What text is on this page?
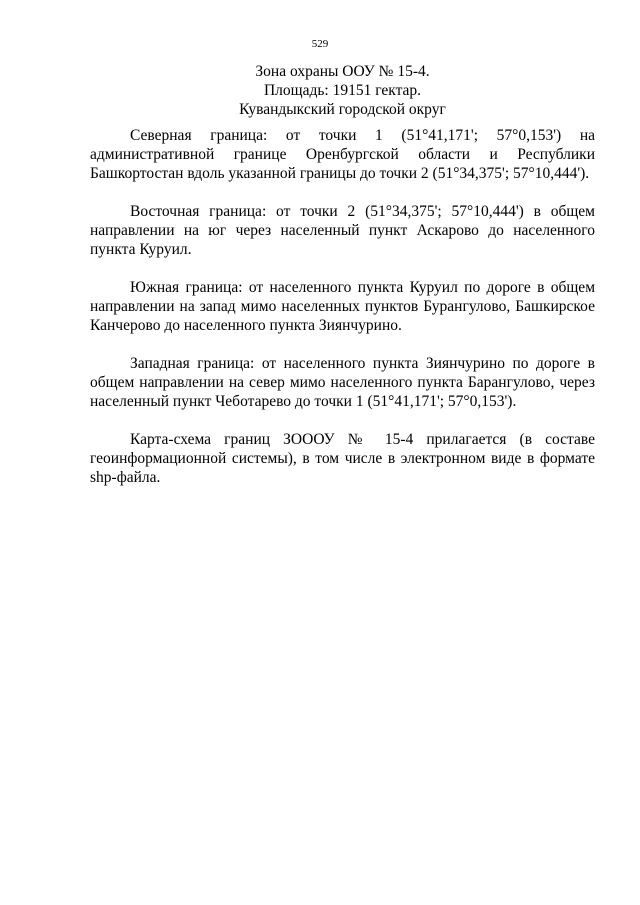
529
Зона охраны ООУ № 15-4.
Площадь: 19151 гектар.
Кувандыкский городской округ

Северная граница: от точки 1 (51°41,171'; 57°0,153') на административной границе Оренбургской области и Республики Башкортостан вдоль указанной границы до точки 2 (51°34,375'; 57°10,444').

Восточная граница: от точки 2 (51°34,375'; 57°10,444') в общем направлении на юг через населенный пункт Аскарово до населенного пункта Куруил.

Южная граница: от населенного пункта Куруил по дороге в общем направлении на запад мимо населенных пунктов Бурангулово, Башкирское Канчерово до населенного пункта Зиянчурино.

Западная граница: от населенного пункта Зиянчурино по дороге в общем направлении на север мимо населенного пункта Барангулово, через населенный пункт Чеботарево до точки 1 (51°41,171'; 57°0,153').

Карта-схема границ ЗОООУ № 15-4 прилагается (в составе геоинформационной системы), в том числе в электронном виде в формате shp-файла.
